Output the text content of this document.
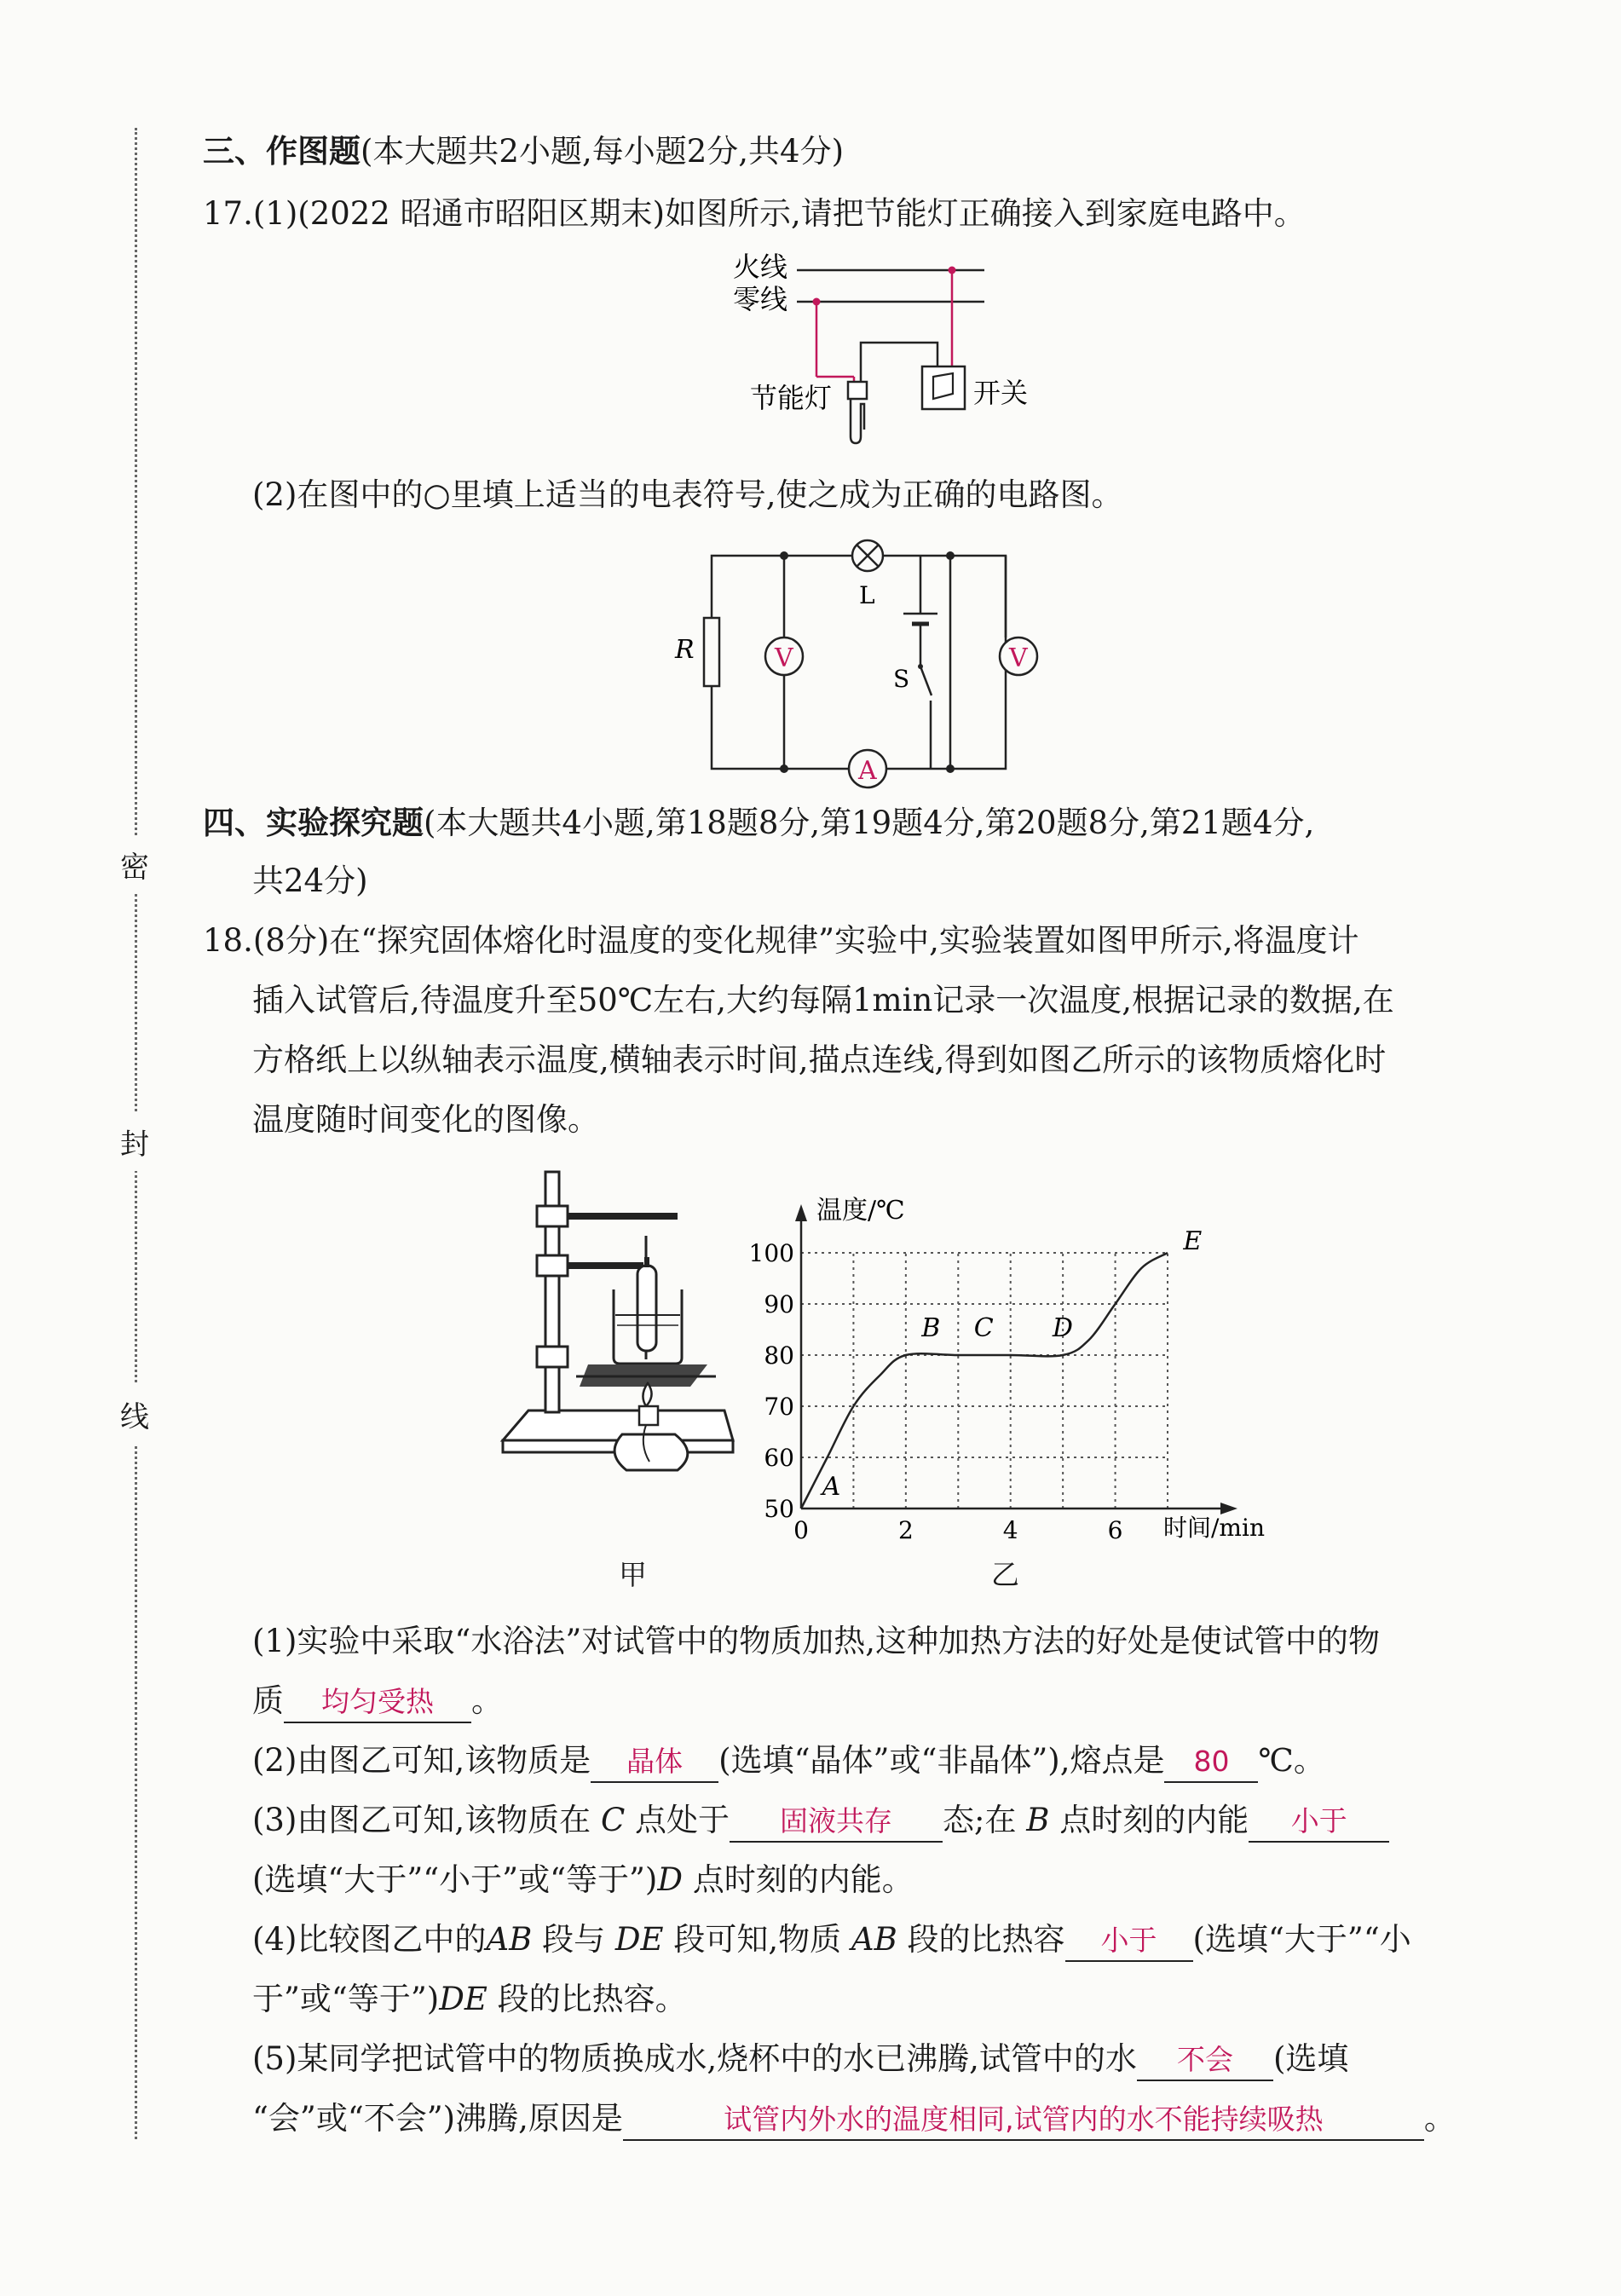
密
封
线
三、作图题(本大题共2小题,每小题2分,共4分)
17.(1)(2022 昭通市昭阳区期末)如图所示,请把节能灯正确接入到家庭电路中。
火线
零线
节能灯	开关
(2)在图中的○里填上适当的电表符号,使之成为正确的电路图。
R
L
S
V	V
A
四、实验探究题(本大题共4小题,第18题8分,第19题4分,第20题8分,第21题4分,
共24分)
18.(8分)在“探究固体熔化时温度的变化规律”实验中,实验装置如图甲所示,将温度计
插入试管后,待温度升至50℃左右,大约每隔1min记录一次温度,根据记录的数据,在
方格纸上以纵轴表示温度,横轴表示时间,描点连线,得到如图乙所示的该物质熔化时
温度随时间变化的图像。
甲
温度/℃
时间/min
50
60
70
80
90
100
0	2	4	6
A
B C D
E
乙
(1)实验中采取“水浴法”对试管中的物质加热,这种加热方法的好处是使试管中的物
质 均匀受热 。
(2)由图乙可知,该物质是 晶体 (选填“晶体”或“非晶体”),熔点是 80 ℃。
(3)由图乙可知,该物质在 C 点处于 固液共存 态;在 B 点时刻的内能 小于
(选填“大于”“小于”或“等于”)D 点时刻的内能。
(4)比较图乙中的AB 段与 DE 段可知,物质 AB 段的比热容 小于 (选填“大于”“小
于”或“等于”)DE 段的比热容。
(5)某同学把试管中的物质换成水,烧杯中的水已沸腾,试管中的水 不会 (选填
“会”或“不会”)沸腾,原因是	试管内外水的温度相同,试管内的水不能持续吸热	。
